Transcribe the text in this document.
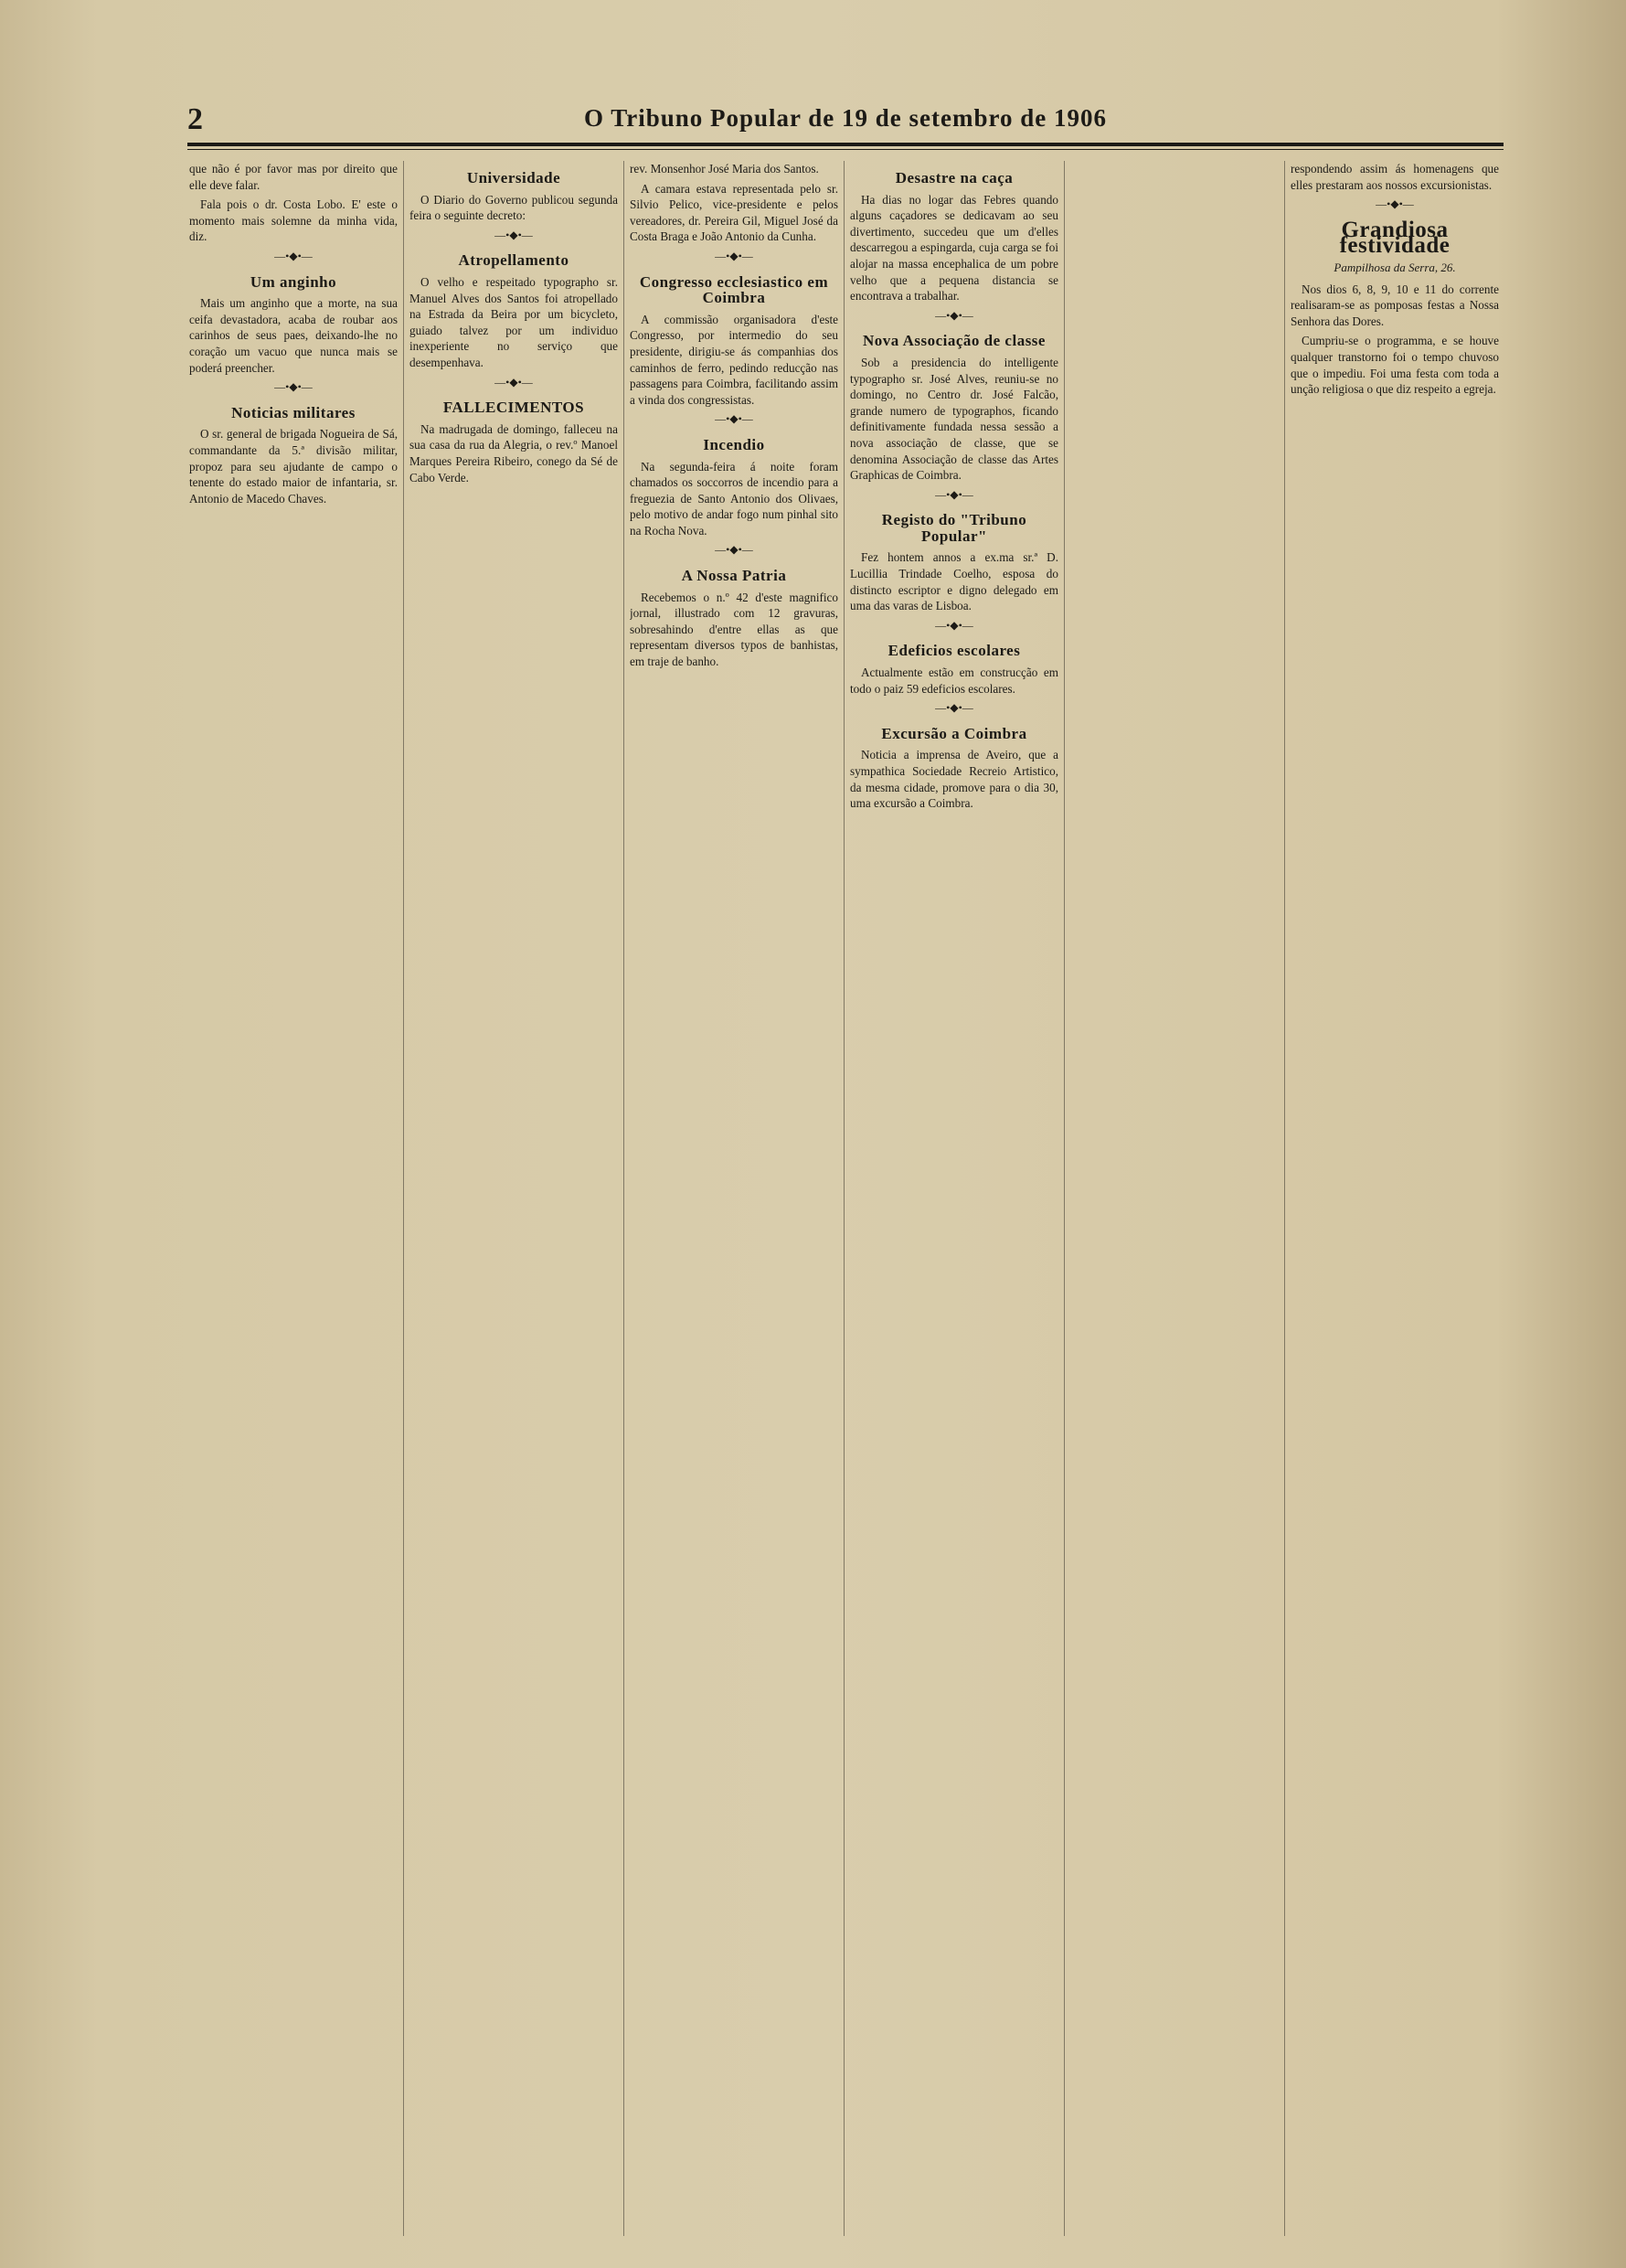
2	O Tribuno Popular de 19 de setembro de 1906

que não é por favor mas por direito que elle deve falar.

Fala pois o dr. Costa Lobo. E' este o momento mais solemne da minha vida, diz.

—•◆•—
Um anginho

Mais um anginho que a morte, na sua ceifa devastadora, acaba de roubar aos carinhos de seus paes, deixando-lhe no coração um vacuo que nunca mais se poderá preencher.

—•◆•—
Noticias militares

O sr. general de brigada Nogueira de Sá, commandante da 5.ª divisão militar, propoz para seu ajudante de campo o tenente do estado maior de infantaria, sr. Antonio de Macedo Chaves.

Universidade

O Diario do Governo publicou segunda feira o seguinte decreto:

—•◆•—
Atropellamento

O velho e respeitado typographo sr. Manuel Alves dos Santos foi atropellado na Estrada da Beira por um bicycleto, guiado talvez por um individuo inexperiente no serviço que desempenhava.

—•◆•—
FALLECIMENTOS

Na madrugada de domingo, falleceu na sua casa da rua da Alegria, o rev.º Manoel Marques Pereira Ribeiro, conego da Sé de Cabo Verde.

rev. Monsenhor José Maria dos Santos.

A camara estava representada pelo sr. Silvio Pelico, vice-presidente e pelos vereadores, dr. Pereira Gil, Miguel José da Costa Braga e João Antonio da Cunha.

—•◆•—
Congresso ecclesiastico em Coimbra

A commissão organisadora d'este Congresso, por intermedio do seu presidente, dirigiu-se ás companhias dos caminhos de ferro, pedindo reducção nas passagens para Coimbra, facilitando assim a vinda dos congressistas.

—•◆•—
Incendio

Na segunda-feira á noite foram chamados os soccorros de incendio para a freguezia de Santo Antonio dos Olivaes, pelo motivo de andar fogo num pinhal sito na Rocha Nova.

—•◆•—
A Nossa Patria

Recebemos o n.º 42 d'este magnifico jornal, illustrado com 12 gravuras, sobresahindo d'entre ellas as que representam diversos typos de banhistas, em traje de banho.

Desastre na caça

Ha dias no logar das Febres quando alguns caçadores se dedicavam ao seu divertimento, succedeu que um d'elles descarregou a espingarda, cuja carga se foi alojar na massa encephalica de um pobre velho que a pequena distancia se encontrava a trabalhar.

—•◆•—
Nova Associação de classe

Sob a presidencia do intelligente typographo sr. José Alves, reuniu-se no domingo, no Centro dr. José Falcão, grande numero de typographos, ficando definitivamente fundada nessa sessão a nova associação de classe, que se denomina Associação de classe das Artes Graphicas de Coimbra.

—•◆•—
Registo do "Tribuno Popular"

Fez hontem annos a ex.ma sr.ª D. Lucillia Trindade Coelho, esposa do distincto escriptor e digno delegado em uma das varas de Lisboa.

—•◆•—
Edeficios escolares

Actualmente estão em construcção em todo o paiz 59 edeficios escolares.

—•◆•—
Excursão a Coimbra

Noticia a imprensa de Aveiro, que a sympathica Sociedade Recreio Artistico, da mesma cidade, promove para o dia 30, uma excursão a Coimbra.

respondendo assim ás homenagens que elles prestaram aos nossos excursionistas.

—•◆•—
Grandiosa festividade
Pampilhosa da Serra, 26.

Nos dios 6, 8, 9, 10 e 11 do corrente realisaram-se as pomposas festas a Nossa Senhora das Dores.

Cumpriu-se o programma, e se houve qualquer transtorno foi o tempo chuvoso que o impediu. Foi uma festa com toda a unção religiosa o que diz respeito a egreja.
